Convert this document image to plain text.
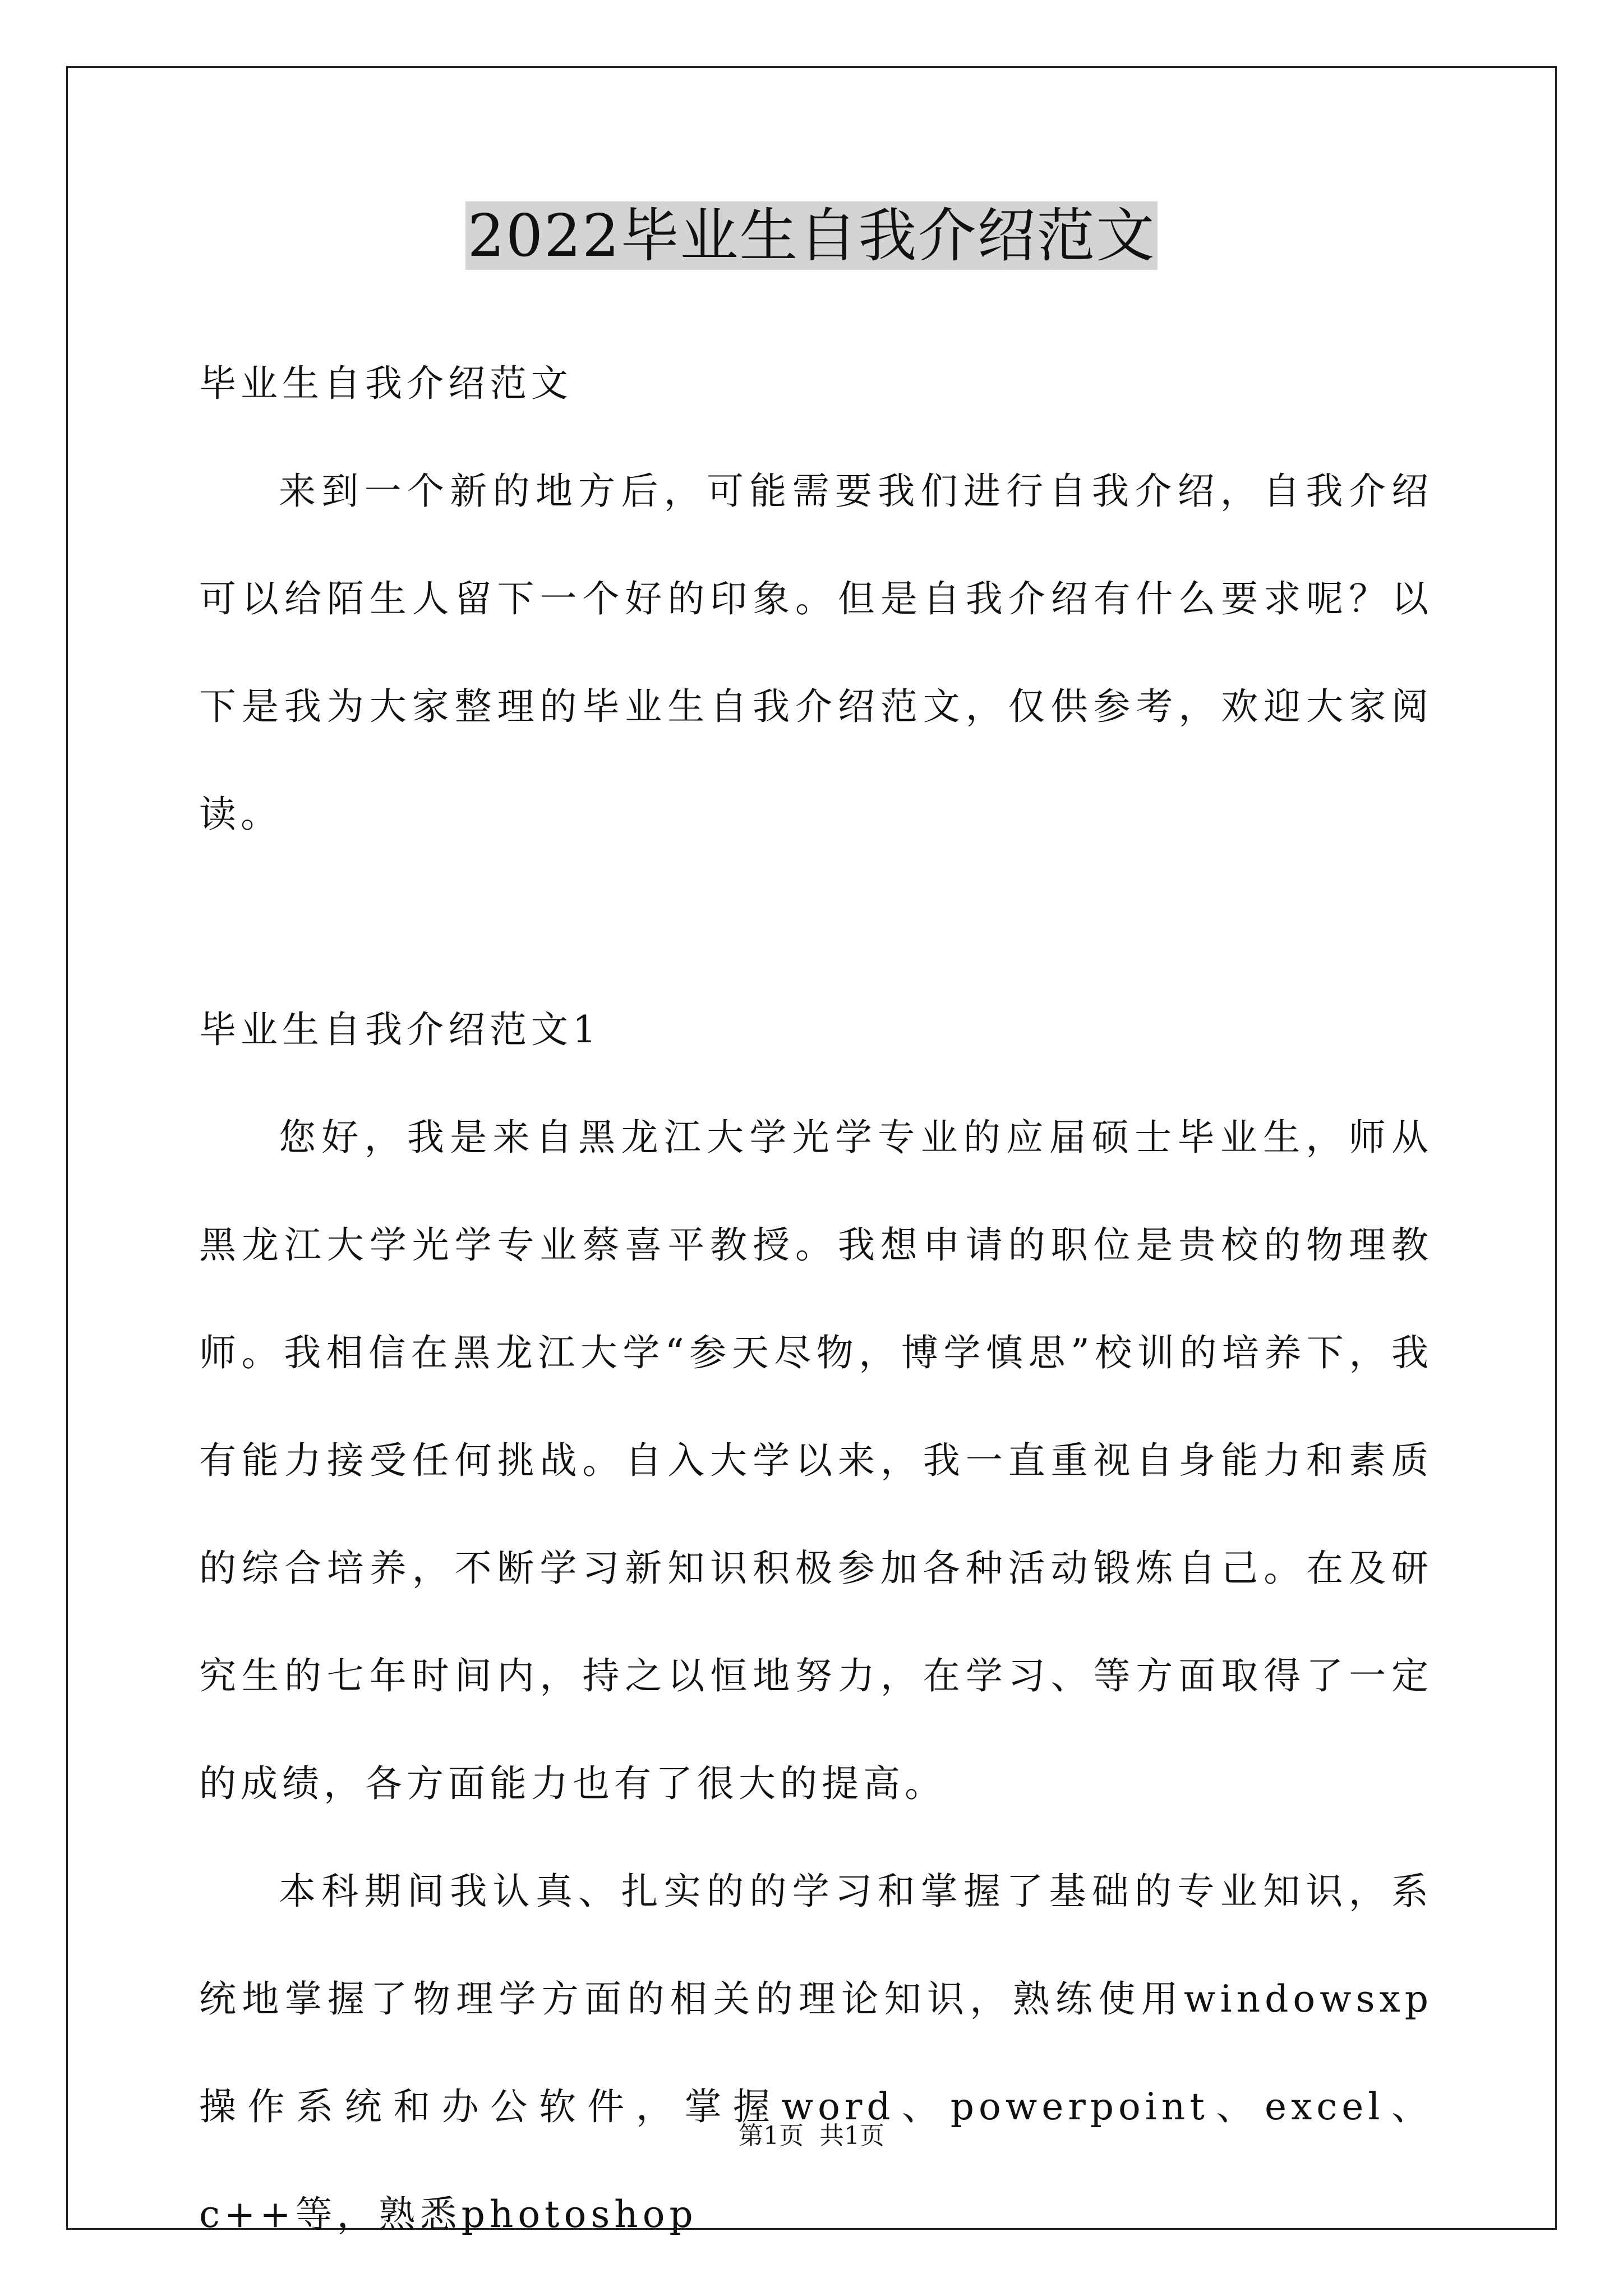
2022毕业生自我介绍范文

毕业生自我介绍范文

来到一个新的地方后，可能需要我们进行自我介绍，自我介绍可以给陌生人留下一个好的印象。但是自我介绍有什么要求呢？以下是我为大家整理的毕业生自我介绍范文，仅供参考，欢迎大家阅读。

毕业生自我介绍范文1

您好，我是来自黑龙江大学光学专业的应届硕士毕业生，师从黑龙江大学光学专业蔡喜平教授。我想申请的职位是贵校的物理教师。我相信在黑龙江大学“参天尽物，博学慎思”校训的培养下，我有能力接受任何挑战。自入大学以来，我一直重视自身能力和素质的综合培养，不断学习新知识积极参加各种活动锻炼自己。在及研究生的七年时间内，持之以恒地努力，在学习、等方面取得了一定的成绩，各方面能力也有了很大的提高。

本科期间我认真、扎实的的学习和掌握了基础的专业知识，系统地掌握了物理学方面的相关的理论知识，熟练使用windowsxp操作系统和办公软件，掌握word、powerpoint、excel、c++等，熟悉photoshop

第1页 共1页
